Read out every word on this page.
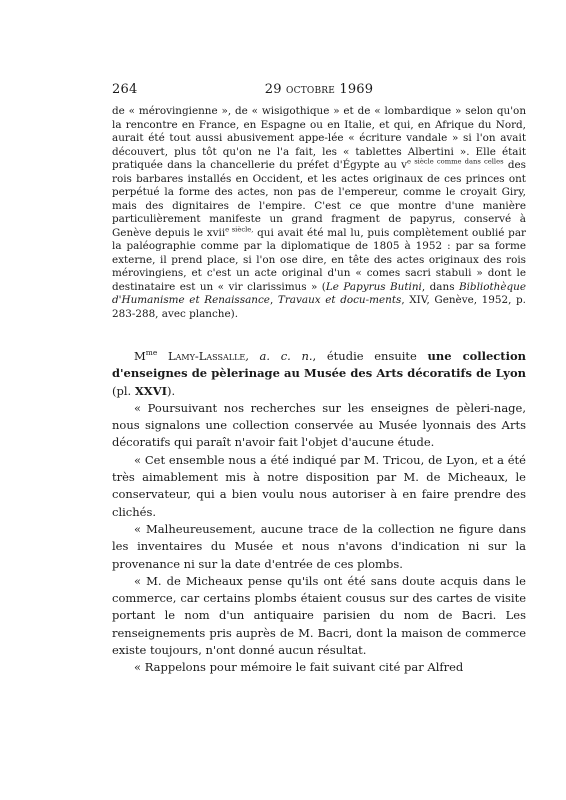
264	29 octobre 1969

de « mérovingienne », de « wisigothique » et de « lombardique » selon qu'on la rencontre en France, en Espagne ou en Italie, et qui, en Afrique du Nord, aurait été tout aussi abusivement appe-lée « écriture vandale » si l'on avait découvert, plus tôt qu'on ne l'a fait, les « tablettes Albertini ». Elle était pratiquée dans la chancellerie du préfet d'Égypte au $v^{e siècle comme dans celles}$ des rois barbares installés en Occident, et les actes originaux de ces princes ont perpétué la forme des actes, non pas de l'empereur, comme le croyait Giry, mais des dignitaires de l'empire. C'est ce que montre d'une manière particulièrement manifeste un grand fragment de papyrus, conservé à Genève depuis le xvii$^{e siècle,}$ qui avait été mal lu, puis complètement oublié par la paléographie comme par la diplomatique de 1805 à 1952 : par sa forme externe, il prend place, si l'on ose dire, en tête des actes originaux des rois mérovingiens, et c'est un acte original d'un « comes sacri stabuli » dont le destinataire est un « vir clarissimus » (Le Papyrus Butini, dans Bibliothèque d'Humanisme et Renaissance, Travaux et docu-ments, XIV, Genève, 1952, p. 283-288, avec planche).

$M^{me}$ Lamy-Lassalle, a. c. n., étudie ensuite une collection d'enseignes de pèlerinage au Musée des Arts décoratifs de Lyon (pl. XXVI).

« Poursuivant nos recherches sur les enseignes de pèleri-nage, nous signalons une collection conservée au Musée lyonnais des Arts décoratifs qui paraît n'avoir fait l'objet d'aucune étude.

« Cet ensemble nous a été indiqué par M. Tricou, de Lyon, et a été très aimablement mis à notre disposition par M. de Micheaux, le conservateur, qui a bien voulu nous autoriser à en faire prendre des clichés.

« Malheureusement, aucune trace de la collection ne figure dans les inventaires du Musée et nous n'avons d'indication ni sur la provenance ni sur la date d'entrée de ces plombs.

« M. de Micheaux pense qu'ils ont été sans doute acquis dans le commerce, car certains plombs étaient cousus sur des cartes de visite portant le nom d'un antiquaire parisien du nom de Bacri. Les renseignements pris auprès de M. Bacri, dont la maison de commerce existe toujours, n'ont donné aucun résultat.

« Rappelons pour mémoire le fait suivant cité par Alfred
